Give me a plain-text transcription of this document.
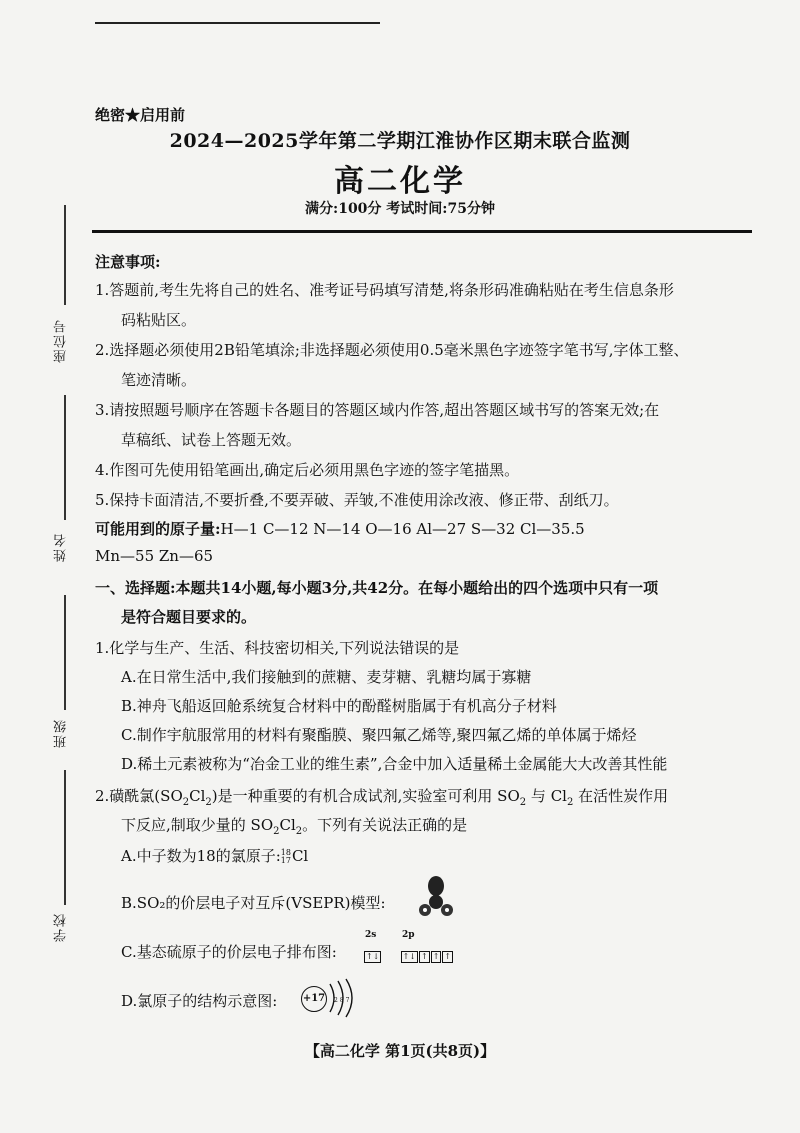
绝密★启用前
2024—2025学年第二学期江淮协作区期末联合监测
高二化学
满分:100分 考试时间:75分钟
座位号
姓名
班级
学校
注意事项:
1.答题前,考生先将自己的姓名、准考证号码填写清楚,将条形码准确粘贴在考生信息条形
码粘贴区。
2.选择题必须使用2B铅笔填涂;非选择题必须使用0.5毫米黑色字迹签字笔书写,字体工整、
笔迹清晰。
3.请按照题号顺序在答题卡各题目的答题区域内作答,超出答题区域书写的答案无效;在
草稿纸、试卷上答题无效。
4.作图可先使用铅笔画出,确定后必须用黑色字迹的签字笔描黑。
5.保持卡面清洁,不要折叠,不要弄破、弄皱,不准使用涂改液、修正带、刮纸刀。
可能用到的原子量:H—1 C—12 N—14 O—16 Al—27 S—32 Cl—35.5
Mn—55 Zn—65
一、选择题:本题共14小题,每小题3分,共42分。在每小题给出的四个选项中只有一项
是符合题目要求的。
1.化学与生产、生活、科技密切相关,下列说法错误的是
A.在日常生活中,我们接触到的蔗糖、麦芽糖、乳糖均属于寡糖
B.神舟飞船返回舱系统复合材料中的酚醛树脂属于有机高分子材料
C.制作宇航服常用的材料有聚酯膜、聚四氟乙烯等,聚四氟乙烯的单体属于烯烃
D.稀土元素被称为“冶金工业的维生素”,合金中加入适量稀土金属能大大改善其性能
2.磺酰氯$(SO_2Cl_2)$是一种重要的有机合成试剂,实验室可利用 $SO_2$ 与 $Cl_2$ 在活性炭作用
下反应,制取少量的 $SO_2Cl_2$。下列有关说法正确的是
A.中子数为18的氯原子: 18
17 Cl
B.SO₂的价层电子对互斥(VSEPR)模型:
C.基态硫原子的价层电子排布图:
2s	2p
↑↓	↑↓ ↑ ↑ ↑
D.氯原子的结构示意图:	+17	287
【高二化学 第1页(共8页)】
